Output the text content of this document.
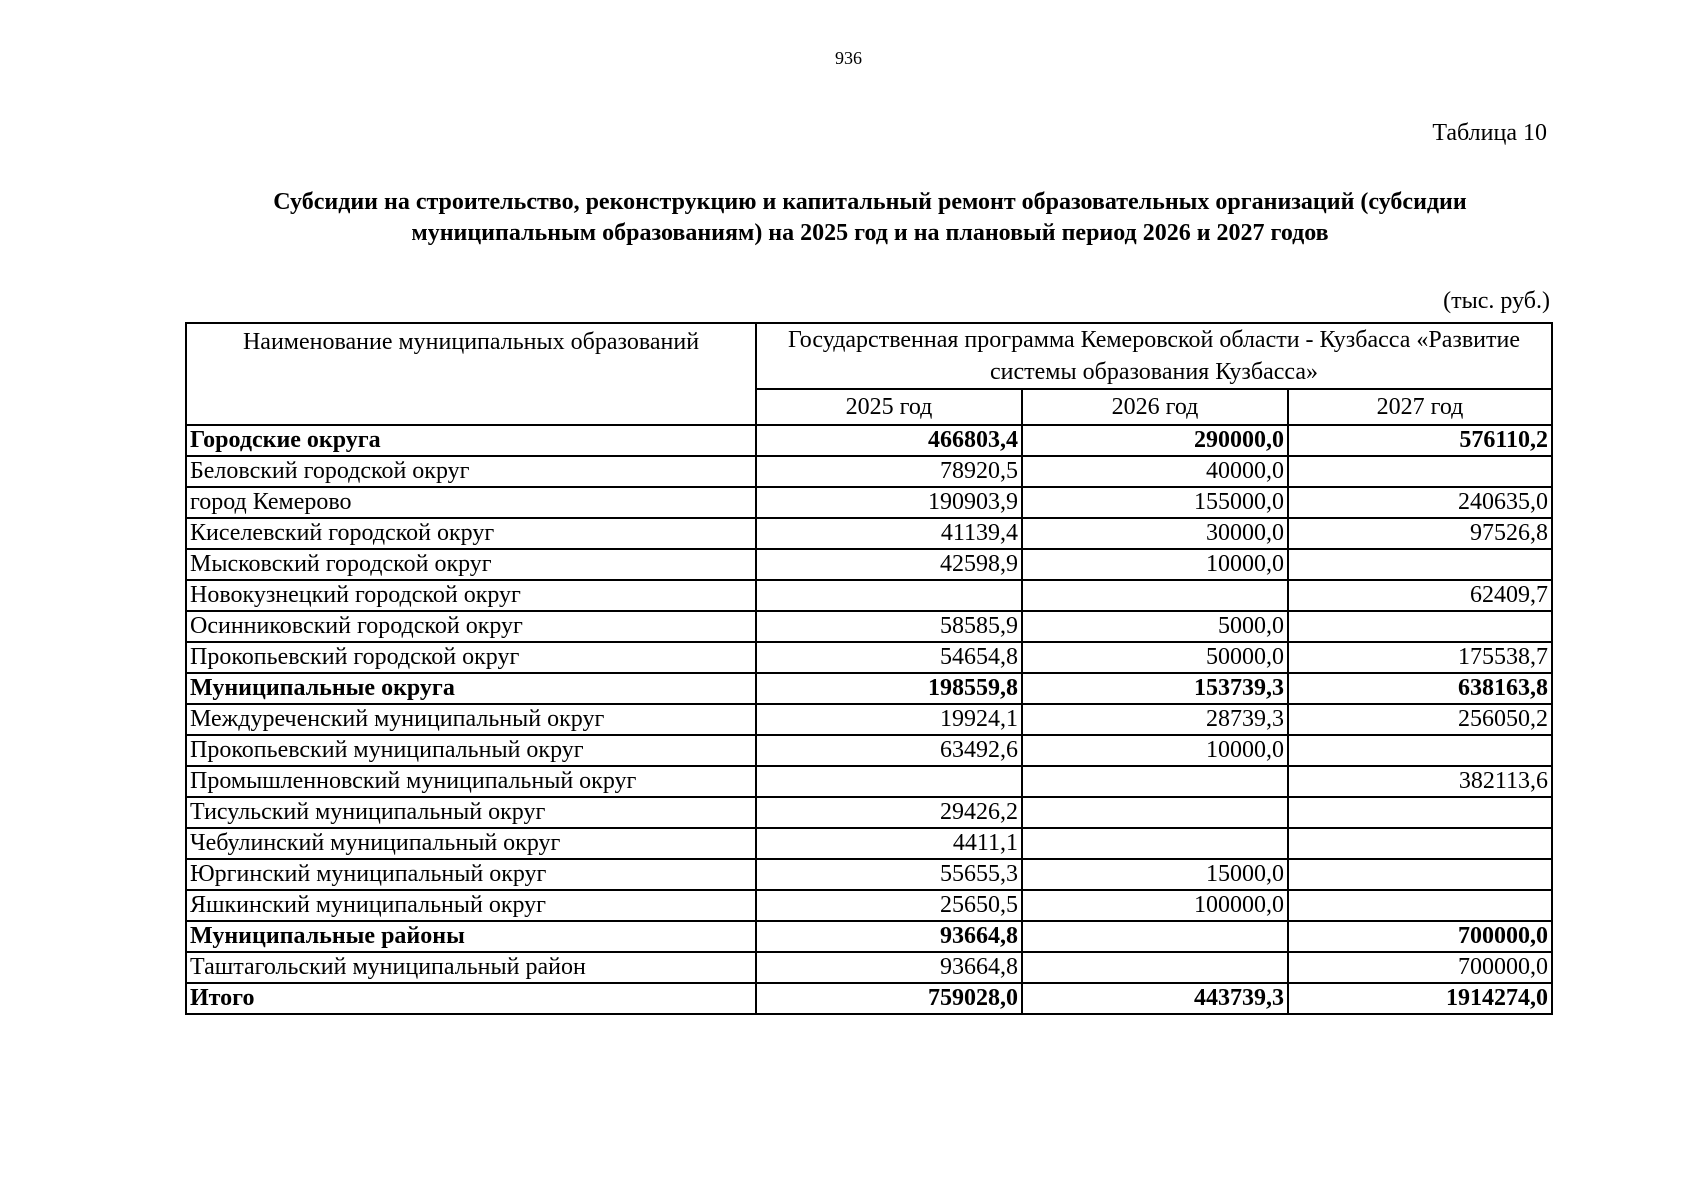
936
Таблица 10
Субсидии на строительство, реконструкцию и капитальный ремонт образовательных организаций (субсидии муниципальным образованиям) на 2025 год и на плановый период 2026 и 2027 годов
(тыс. руб.)
Наименование муниципальных образований	Государственная программа Кемеровской области - Кузбасса «Развитие системы образования Кузбасса»		
	2025 год	2026 год	2027 год
Городские округа	466803,4	290000,0	576110,2
Беловский городской округ	78920,5	40000,0	
город Кемерово	190903,9	155000,0	240635,0
Киселевский городской округ	41139,4	30000,0	97526,8
Мысковский городской округ	42598,9	10000,0	
Новокузнецкий городской округ			62409,7
Осинниковский городской округ	58585,9	5000,0	
Прокопьевский городской округ	54654,8	50000,0	175538,7
Муниципальные округа	198559,8	153739,3	638163,8
Междуреченский муниципальный округ	19924,1	28739,3	256050,2
Прокопьевский муниципальный округ	63492,6	10000,0	
Промышленновский муниципальный округ			382113,6
Тисульский муниципальный округ	29426,2		
Чебулинский муниципальный округ	4411,1		
Юргинский муниципальный округ	55655,3	15000,0	
Яшкинский муниципальный округ	25650,5	100000,0	
Муниципальные районы	93664,8		700000,0
Таштагольский муниципальный район	93664,8		700000,0
Итого	759028,0	443739,3	1914274,0
